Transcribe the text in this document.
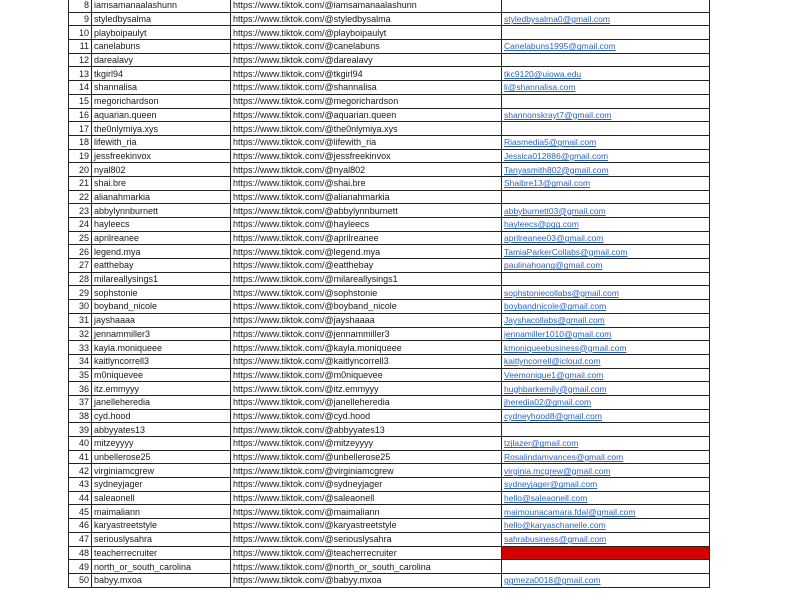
8	iamsamanaalashunn	https://www.tiktok.com/@iamsamanaalashunn	
9	styledbysalma	https://www.tiktok.com/@styledbysalma	styledbysalma0@gmail.com
10	playboipaulyt	https://www.tiktok.com/@playboipaulyt	
11	canelabuns	https://www.tiktok.com/@canelabuns	Canelabuns1995@gmail.com
12	darealavy	https://www.tiktok.com/@darealavy	
13	tkgirl94	https://www.tiktok.com/@tkgirl94	tkc9120@uiowa.edu
14	shannalisa	https://www.tiktok.com/@shannalisa	li@shannalisa.com
15	megorichardson	https://www.tiktok.com/@megorichardson	
16	aquarian.queen	https://www.tiktok.com/@aquarian.queen	shannonskrayt7@gmail.com
17	the0nlymiya.xys	https://www.tiktok.com/@the0nlymiya.xys	
18	lifewith_ria	https://www.tiktok.com/@lifewith_ria	Riasmedia5@gmail.com
19	jessfreekinvox	https://www.tiktok.com/@jessfreekinvox	Jessica012886@gmail.com
20	nyal802	https://www.tiktok.com/@nyal802	Tanyasmith802@gmail.com
21	shai.bre	https://www.tiktok.com/@shai.bre	Shaibre13@gmail.com
22	alianahmarkia	https://www.tiktok.com/@alianahmarkia	
23	abbylynnburnett	https://www.tiktok.com/@abbylynnburnett	abbyburnett03@gmail.com
24	hayleecs	https://www.tiktok.com/@hayleecs	hayleecs@pgg.com
25	aprilreanee	https://www.tiktok.com/@aprilreanee	aprilreanee03@gmail.com
26	legend.mya	https://www.tiktok.com/@legend.mya	TamiaParkerCollabs@gmail.com
27	eatthebay	https://www.tiktok.com/@eatthebay	paulinahoang@gmail.com
28	milareallysings1	https://www.tiktok.com/@milareallysings1	
29	sophstonie	https://www.tiktok.com/@sophstonie	sophstoniecollabs@gmail.com
30	boyband_nicole	https://www.tiktok.com/@boyband_nicole	boybandnicole@gmail.com
31	jayshaaaa	https://www.tiktok.com/@jayshaaaa	Jayshacollabs@gmail.com
32	jennammiller3	https://www.tiktok.com/@jennammiller3	jennamiller1010@gmail.com
33	kayla.moniqueee	https://www.tiktok.com/@kayla.moniqueee	kmoniqueebusiness@gmail.com
34	kaitlyncorrell3	https://www.tiktok.com/@kaitlyncorrell3	kaitlyncorrell@icloud.com
35	m0niquevee	https://www.tiktok.com/@m0niquevee	Veemonique1@gmail.com
36	itz.emmyyy	https://www.tiktok.com/@itz.emmyyy	hughbarkemily@gmail.com
37	janelleheredia	https://www.tiktok.com/@janelleheredia	jheredia02@gmail.com
38	cyd.hood	https://www.tiktok.com/@cyd.hood	cydneyhood8@gmail.com
39	abbyyates13	https://www.tiktok.com/@abbyyates13	
40	mitzeyyyy	https://www.tiktok.com/@mitzeyyyy	tzjlazer@gmail.com
41	unbellerose25	https://www.tiktok.com/@unbellerose25	Rosalindamvances@gmail.com
42	virginiamcgrew	https://www.tiktok.com/@virginiamcgrew	virginia.mcgrew@gmail.com
43	sydneyjager	https://www.tiktok.com/@sydneyjager	sydneyjager@gmail.com
44	saleaonell	https://www.tiktok.com/@saleaonell	hello@saleaonell.com
45	maimaliann	https://www.tiktok.com/@maimaliann	maimounacamara.fdal@gmail.com
46	karyastreetstyle	https://www.tiktok.com/@karyastreetstyle	hello@karyaschanelle.com
47	seriouslysahra	https://www.tiktok.com/@seriouslysahra	sahrabusiness@gmail.com
48	teacherrecruiter	https://www.tiktok.com/@teacherrecruiter	
49	north_or_south_carolina	https://www.tiktok.com/@north_or_south_carolina	
50	babyy.mxoa	https://www.tiktok.com/@babyy.mxoa	ggmeza0018@gmail.com
